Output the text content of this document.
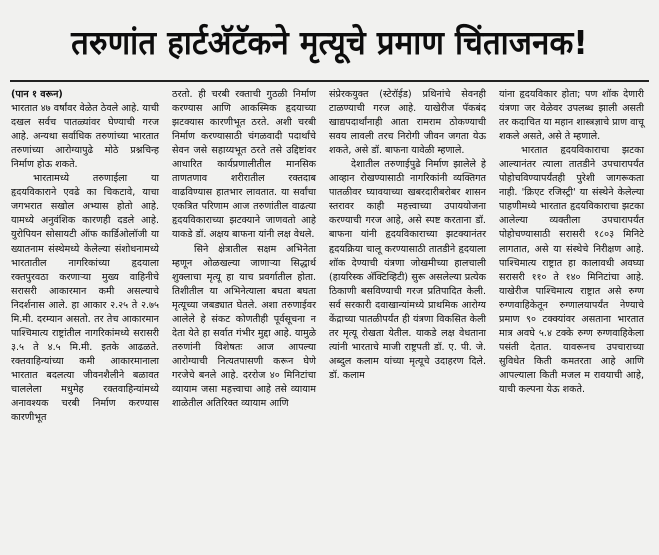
तरुणांत हार्टअ‍ॅटॅकने मृत्यूचे प्रमाण चिंताजनक!

(पान १ वरून)

भारतात ४७ वर्षांवर वेळेत ठेवले आहे. याची दखल सर्वच पातळ्यांवर घेण्याची गरज आहे. अन्यथा सर्वाधिक तरुणांच्या भारतात तरुणांच्या आरोग्यापुढे मोठे प्रश्नचिन्ह निर्माण होऊ शकते.

भारतामध्ये तरुणाईला या हृदयविकाराने एवढे का चिकटावे, याचा जगभरात सखोल अभ्यास होतो आहे. यामध्ये अनुवंशिक कारणही दडले आहे. युरोपियन सोसायटी ऑफ कार्डिओलॉजी या ख्यातनाम संस्थेमध्ये केलेल्या संशोधनामध्ये भारतातील नागरिकांच्या हृदयाला रक्तपुरवठा करणाऱ्या मुख्य वाहिनीचे सरासरी आकारमान कमी असल्याचे निदर्शनास आले. हा आकार २.२५ ते २.७५ मि.मी. दरम्यान असतो. तर तेच आकारमान पाश्चिमात्य राष्ट्रांतील नागरिकांमध्ये सरासरी ३.५ ते ४.५ मि.मी. इतके आढळते. रक्तवाहिन्यांच्या कमी आकारमानाला भारतात बदलत्या जीवनशैलीने बळावत चाललेला मधुमेह रक्तवाहिन्यांमध्ये अनावश्यक चरबी निर्माण करण्यास कारणीभूत

ठरतो. ही चरबी रक्ताची गुठळी निर्माण करण्यास आणि आकस्मिक हृदयाच्या झटक्यास कारणीभूत ठरते. अशी चरबी निर्माण करण्यासाठी चंगळवादी पदार्थांचे सेवन जसे सहाय्यभूत ठरते तसे उद्दिष्टांवर आधारित कार्यप्रणालीतील मानसिक ताणतणाव शरीरातील रक्तदाब वाढविण्यास हातभार लावतात. या सर्वांचा एकत्रित परिणाम आज तरुणांतील वाढत्या हृदयविकाराच्या झटक्याने जाणवतो आहे याकडे डॉ. अक्षय बाफना यांनी लक्ष वेधले.

सिने क्षेत्रातील सक्षम अभिनेता म्हणून ओळखल्या जाणाऱ्या सिद्धार्थ शुक्लाचा मृत्यू हा याच प्रवर्गातील होता. तिशीतील या अभिनेत्याला बघता बघता मृत्यूच्या जबड्यात घेतले. अशा तरुणाईवर आलेले हे संकट कोणतीही पूर्वसूचना न देता येते हा सर्वात गंभीर मुद्दा आहे. यामुळे तरुणांनी विशेषतः आज आपल्या आरोग्याची नित्यतपासणी करून घेणे गरजेचे बनले आहे. दररोज ४० मिनिटांचा व्यायाम जसा महत्त्वाचा आहे तसे व्यायाम शाळेतील अतिरिक्त व्यायाम आणि

संप्रेरकयुक्त (स्टेरॉईड) प्रथिनांचे सेवनही टाळण्याची गरज आहे. याखेरीज पॅकबंद खाद्यपदार्थांनाही आता रामराम ठोकण्याची सवय लावली तरच निरोगी जीवन जगता येऊ शकते, असे डॉ. बाफना यावेळी म्हणाले.

देशातील तरुणाईपुढे निर्माण झालेले हे आव्हान रोखण्यासाठी नागरिकांनी व्यक्तिगत पातळीवर घ्यावयाच्या खबरदारीबरोबर शासन स्तरावर काही महत्त्वाच्या उपाययोजना करण्याची गरज आहे, असे स्पष्ट करताना डॉ. बाफना यांनी हृदयविकाराच्या झटक्यानंतर हृदयक्रिया चालू करण्यासाठी तातडीने हृदयाला शॉक देण्याची यंत्रणा जोखमीच्या हालचाली (हायरिस्क अ‍ॅक्टिव्हिटी) सुरू असलेल्या प्रत्येक ठिकाणी बसविण्याची गरज प्रतिपादित केली. सर्व सरकारी दवाखान्यांमध्ये प्राथमिक आरोग्य केंद्राच्या पातळीपर्यंत ही यंत्रणा विकसित केली तर मृत्यू रोखता येतील. याकडे लक्ष वेधताना त्यांनी भारताचे माजी राष्ट्रपती डॉ. ए. पी. जे. अब्दुल कलाम यांच्या मृत्यूचे उदाहरण दिले. डॉ. कलाम

यांना हृदयविकार होता; पण शॉक देणारी यंत्रणा जर वेळेवर उपलब्ध झाली असती तर कदाचित या महान शास्त्रज्ञाचे प्राण वाचू शकले असते, असे ते म्हणाले.

भारतात हृदयविकाराचा झटका आल्यानंतर त्याला तातडीने उपचारापर्यंत पोहोचविण्यापर्यंतही पुरेशी जागरूकता नाही. 'क्रिएट रजिस्ट्री' या संस्थेने केलेल्या पाहणीमध्ये भारतात हृदयविकाराचा झटका आलेल्या व्यक्तीला उपचारापर्यंत पोहोचण्यासाठी सरासरी १८०३ मिनिटे लागतात, असे या संस्थेचे निरीक्षण आहे. पाश्चिमात्य राष्ट्रात हा कालावधी अवघ्या सरासरी ११० ते १४० मिनिटांचा आहे. याखेरीज पाश्चिमात्य राष्ट्रात असे रुग्ण रुग्णवाहिकेतून रुग्णालयापर्यंत नेण्याचे प्रमाण ९० टक्क्यांवर असताना भारतात मात्र अवघे ५.४ टक्के रुग्ण रुग्णवाहिकेला पसंती देतात. यावरूनच उपचाराच्या सुविधेत किती कमतरता आहे आणि आपल्याला किती मजल म रावयाची आहे, याची कल्पना येऊ शकते.
